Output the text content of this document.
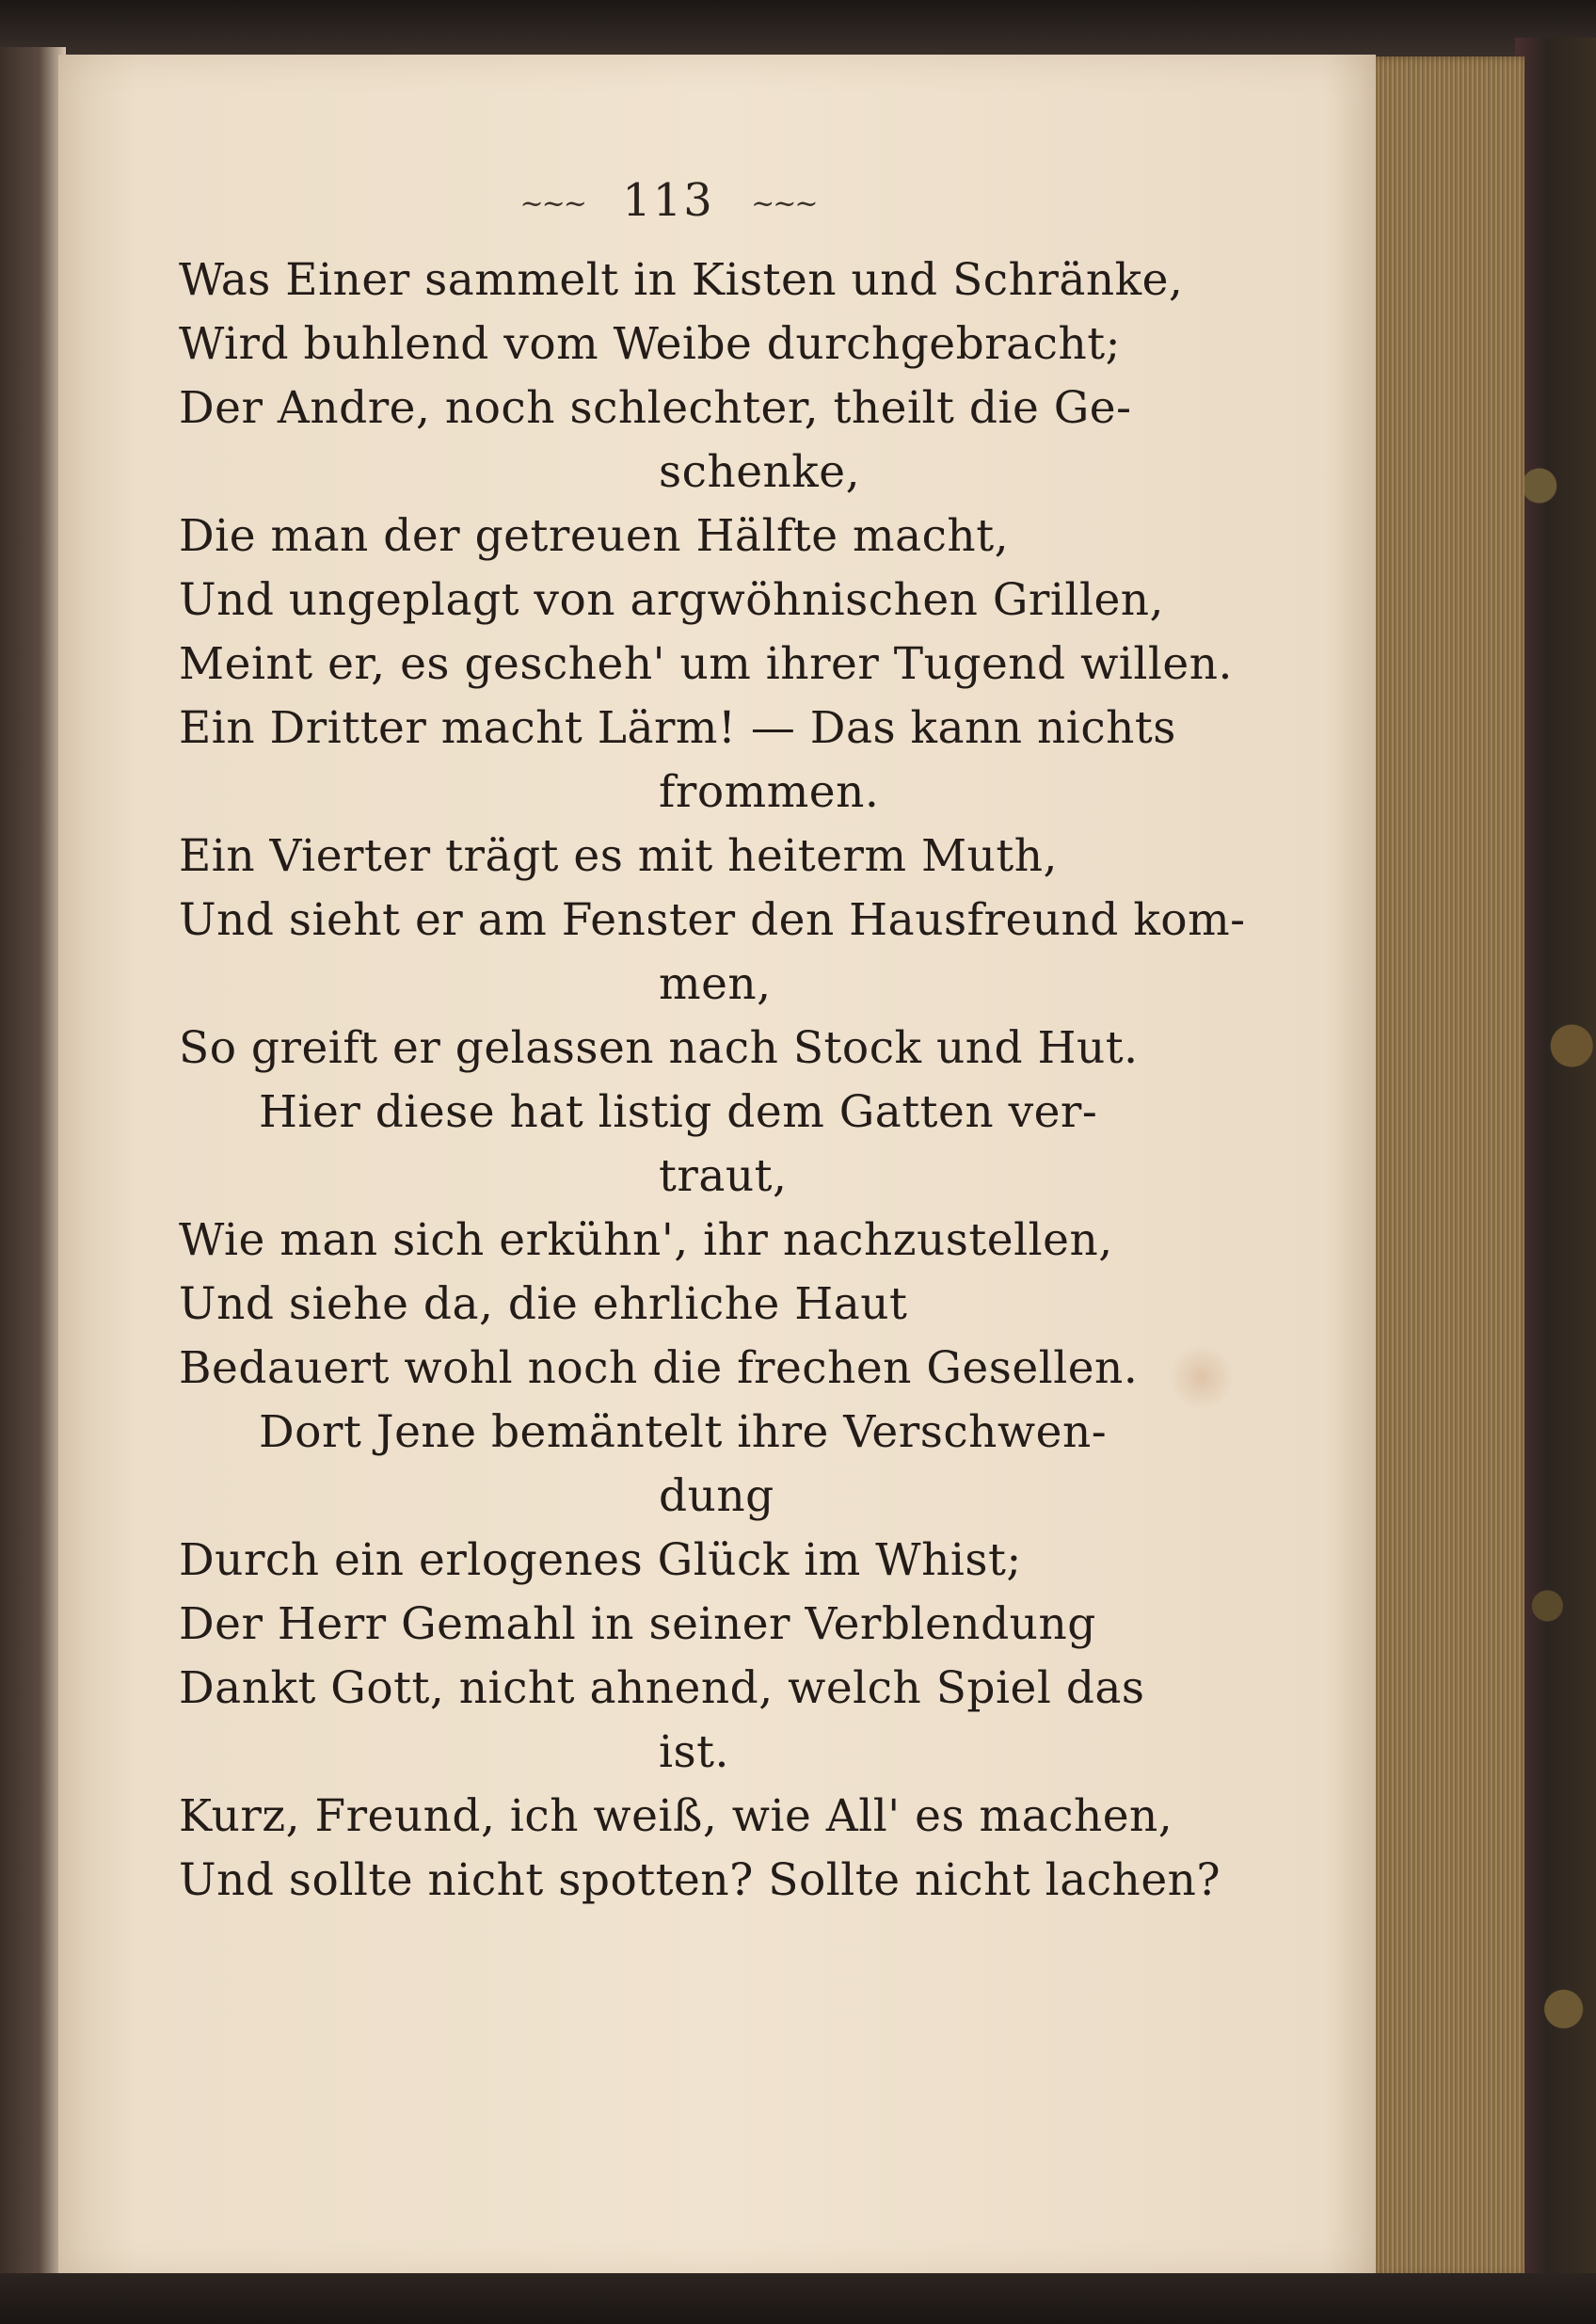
~~~ 113 ~~~
Was Einer sammelt in Kisten und Schränke,
Wird buhlend vom Weibe durchgebracht;
Der Andre, noch schlechter, theilt die Ge-
schenke,
Die man der getreuen Hälfte macht,
Und ungeplagt von argwöhnischen Grillen,
Meint er, es gescheh' um ihrer Tugend willen.
Ein Dritter macht Lärm! — Das kann nichts
frommen.
Ein Vierter trägt es mit heiterm Muth,
Und sieht er am Fenster den Hausfreund kom-
men,
So greift er gelassen nach Stock und Hut.
Hier diese hat listig dem Gatten ver-
traut,
Wie man sich erkühn', ihr nachzustellen,
Und siehe da, die ehrliche Haut
Bedauert wohl noch die frechen Gesellen.
Dort Jene bemäntelt ihre Verschwen-
dung
Durch ein erlogenes Glück im Whist;
Der Herr Gemahl in seiner Verblendung
Dankt Gott, nicht ahnend, welch Spiel das
ist.
Kurz, Freund, ich weiß, wie All' es machen,
Und sollte nicht spotten? Sollte nicht lachen?
